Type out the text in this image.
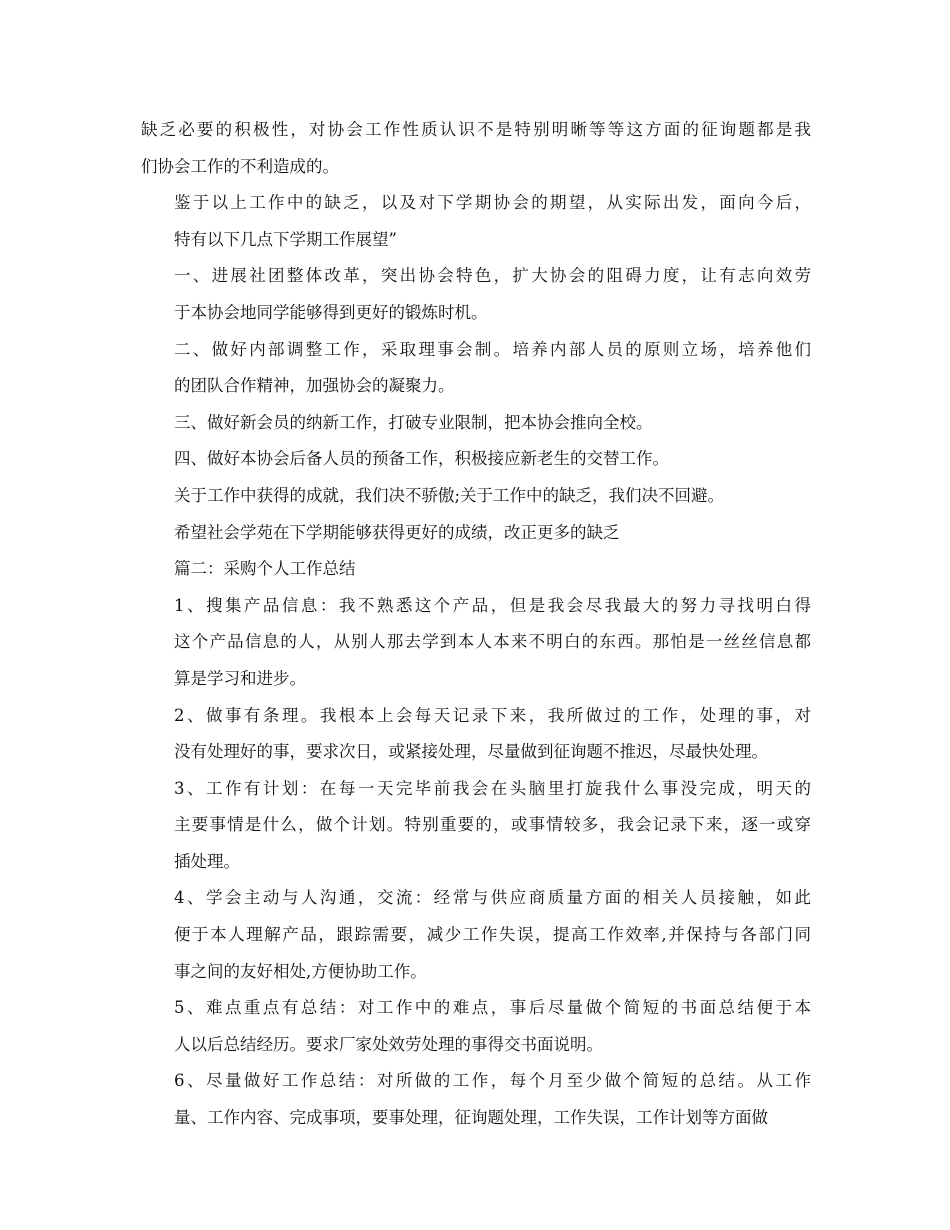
缺乏必要的积极性，对协会工作性质认识不是特别明晰等等这方面的征询题都是我
们协会工作的不利造成的。
鉴于以上工作中的缺乏，以及对下学期协会的期望，从实际出发，面向今后，
特有以下几点下学期工作展望”
一、进展社团整体改革，突出协会特色，扩大协会的阻碍力度，让有志向效劳
于本协会地同学能够得到更好的锻炼时机。
二、做好内部调整工作，采取理事会制。培养内部人员的原则立场，培养他们
的团队合作精神，加强协会的凝聚力。
三、做好新会员的纳新工作，打破专业限制，把本协会推向全校。
四、做好本协会后备人员的预备工作，积极接应新老生的交替工作。
关于工作中获得的成就，我们决不骄傲;关于工作中的缺乏，我们决不回避。
希望社会学苑在下学期能够获得更好的成绩，改正更多的缺乏
篇二：采购个人工作总结
1、搜集产品信息：我不熟悉这个产品，但是我会尽我最大的努力寻找明白得
这个产品信息的人，从别人那去学到本人本来不明白的东西。那怕是一丝丝信息都
算是学习和进步。
2、做事有条理。我根本上会每天记录下来，我所做过的工作，处理的事，对
没有处理好的事，要求次日，或紧接处理，尽量做到征询题不推迟，尽最快处理。
3、工作有计划：在每一天完毕前我会在头脑里打旋我什么事没完成，明天的
主要事情是什么，做个计划。特别重要的，或事情较多，我会记录下来，逐一或穿
插处理。
4、学会主动与人沟通，交流：经常与供应商质量方面的相关人员接触，如此
便于本人理解产品，跟踪需要，减少工作失误，提高工作效率,并保持与各部门同
事之间的友好相处,方便协助工作。
5、难点重点有总结：对工作中的难点，事后尽量做个简短的书面总结便于本
人以后总结经历。要求厂家处效劳处理的事得交书面说明。
6、尽量做好工作总结：对所做的工作，每个月至少做个简短的总结。从工作
量、工作内容、完成事项，要事处理，征询题处理，工作失误，工作计划等方面做
